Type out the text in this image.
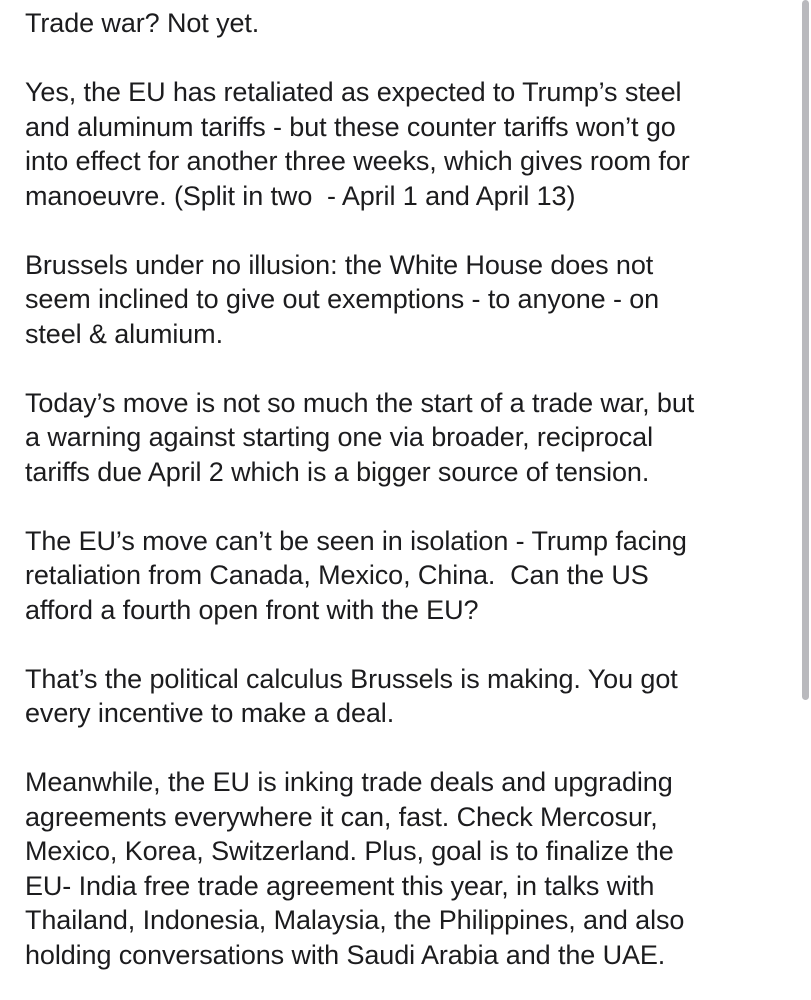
Trade war? Not yet.

Yes, the EU has retaliated as expected to Trump’s steel
and aluminum tariffs - but these counter tariffs won’t go
into effect for another three weeks, which gives room for
manoeuvre. (Split in two  - April 1 and April 13)

Brussels under no illusion: the White House does not
seem inclined to give out exemptions - to anyone - on
steel & alumium.

Today’s move is not so much the start of a trade war, but
a warning against starting one via broader, reciprocal
tariffs due April 2 which is a bigger source of tension.

The EU’s move can’t be seen in isolation - Trump facing
retaliation from Canada, Mexico, China.  Can the US
afford a fourth open front with the EU?

That’s the political calculus Brussels is making. You got
every incentive to make a deal.

Meanwhile, the EU is inking trade deals and upgrading
agreements everywhere it can, fast. Check Mercosur,
Mexico, Korea, Switzerland. Plus, goal is to finalize the
EU- India free trade agreement this year, in talks with
Thailand, Indonesia, Malaysia, the Philippines, and also
holding conversations with Saudi Arabia and the UAE.
